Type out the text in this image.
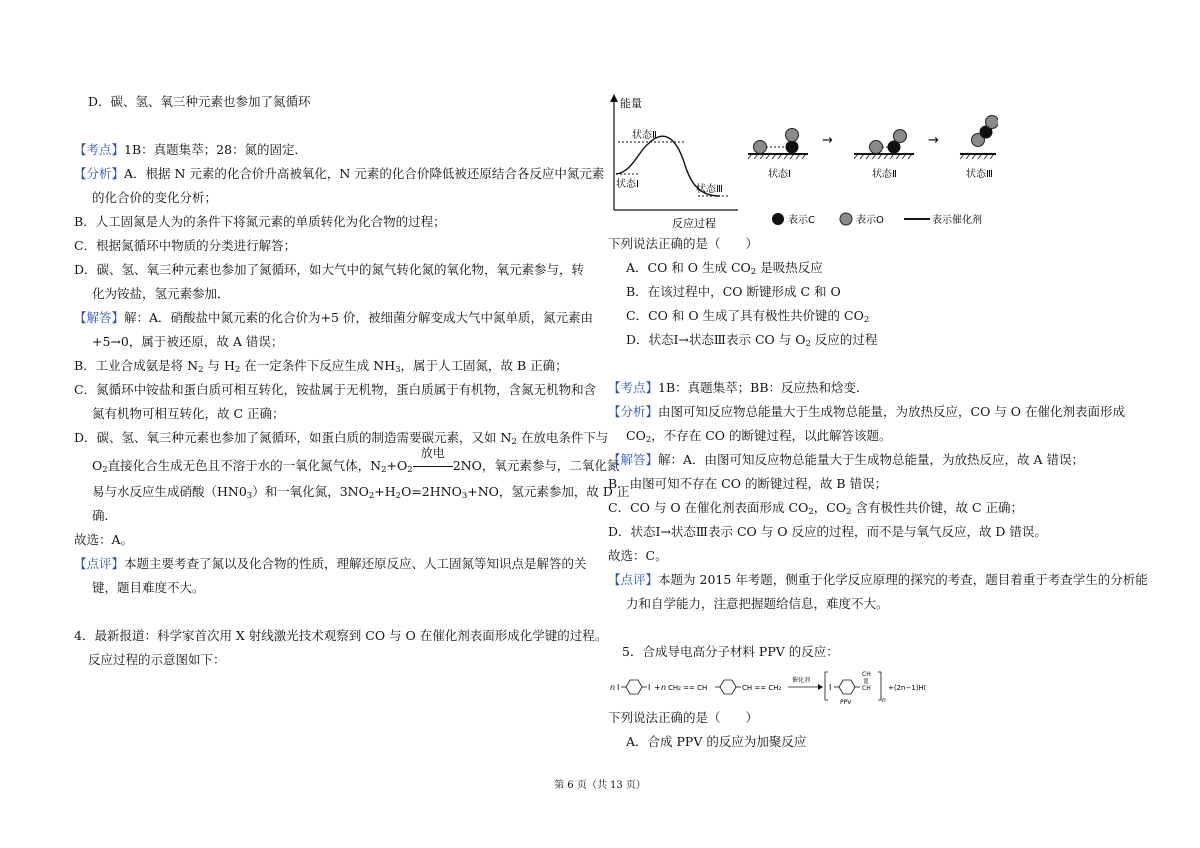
D．碳、氢、氧三种元素也参加了氮循环
【考点】1B：真题集萃；28：氮的固定．
【分析】A．根据 N 元素的化合价升高被氧化，N 元素的化合价降低被还原结合各反应中氮元素
的化合价的变化分析；
B．人工固氮是人为的条件下将氮元素的单质转化为化合物的过程；
C．根据氮循环中物质的分类进行解答；
D．碳、氢、氧三种元素也参加了氮循环，如大气中的氮气转化氮的氧化物，氧元素参与，转
化为铵盐，氢元素参加．
【解答】解：A．硝酸盐中氮元素的化合价为+5 价，被细菌分解变成大气中氮单质，氮元素由
+5→0，属于被还原，故 A 错误；
B．工业合成氨是将 $N_2$ 与 $H_2$ 在一定条件下反应生成 $NH_3$，属于人工固氮，故 B 正确；
C．氮循环中铵盐和蛋白质可相互转化，铵盐属于无机物，蛋白质属于有机物，含氮无机物和含
氮有机物可相互转化，故 C 正确；
D．碳、氢、氧三种元素也参加了氮循环，如蛋白质的制造需要碳元素，又如 $N_2$ 在放电条件下与
$O_2$直接化合生成无色且不溶于水的一氧化氮气体，$N_2+O_2$
放电
2NO，氧元素参与，二氧化氮
易与水反应生成硝酸$(HN0_3)$和一氧化氮，$3NO_2+H_2O=2HNO_3+NO$，氢元素参加，故 D 正
确．
故选：A。
【点评】本题主要考查了氮以及化合物的性质，理解还原反应、人工固氮等知识点是解答的关
键，题目难度不大。
4．最新报道：科学家首次用 X 射线激光技术观察到 CO 与 O 在催化剂表面形成化学键的过程。
反应过程的示意图如下：
能量
反应过程
状态Ⅱ
状态Ⅰ	状态Ⅲ
状态Ⅰ
→
状态Ⅱ
→
状态Ⅲ
表示C	表示O	表示催化剂
下列说法正确的是（　　）
A．CO 和 O 生成 $CO_2$ 是吸热反应
B．在该过程中，CO 断键形成 C 和 O
C．CO 和 O 生成了具有极性共价键的 $CO_2$
D．状态Ⅰ→状态Ⅲ表示 CO 与 $O_2$ 反应的过程
【考点】1B：真题集萃；BB：反应热和焓变．
【分析】由图可知反应物总能量大于生成物总能量，为放热反应，CO 与 O 在催化剂表面形成
$CO_2$，不存在 CO 的断键过程，以此解答该题。
【解答】解：A．由图可知反应物总能量大于生成物总能量，为放热反应，故 A 错误；
B．由图可知不存在 CO 的断键过程，故 B 错误；
C．CO 与 O 在催化剂表面形成 $CO_2$，$CO_2$ 含有极性共价键，故 C 正确；
D．状态Ⅰ→状态Ⅲ表示 CO 与 O 反应的过程，而不是与氧气反应，故 D 错误。
故选：C。
【点评】本题为 2015 年考题，侧重于化学反应原理的探究的考查，题目着重于考查学生的分析能
力和自学能力，注意把握题给信息，难度不大。
5．合成导电高分子材料 PPV 的反应：
n I	I + n CH₂ == CH	CH == CH₂
催化剂
I
CH
CH
PPV	n
+(2n−1)HI
下列说法正确的是（　　）
A．合成 PPV 的反应为加聚反应
第 6 页（共 13 页）
